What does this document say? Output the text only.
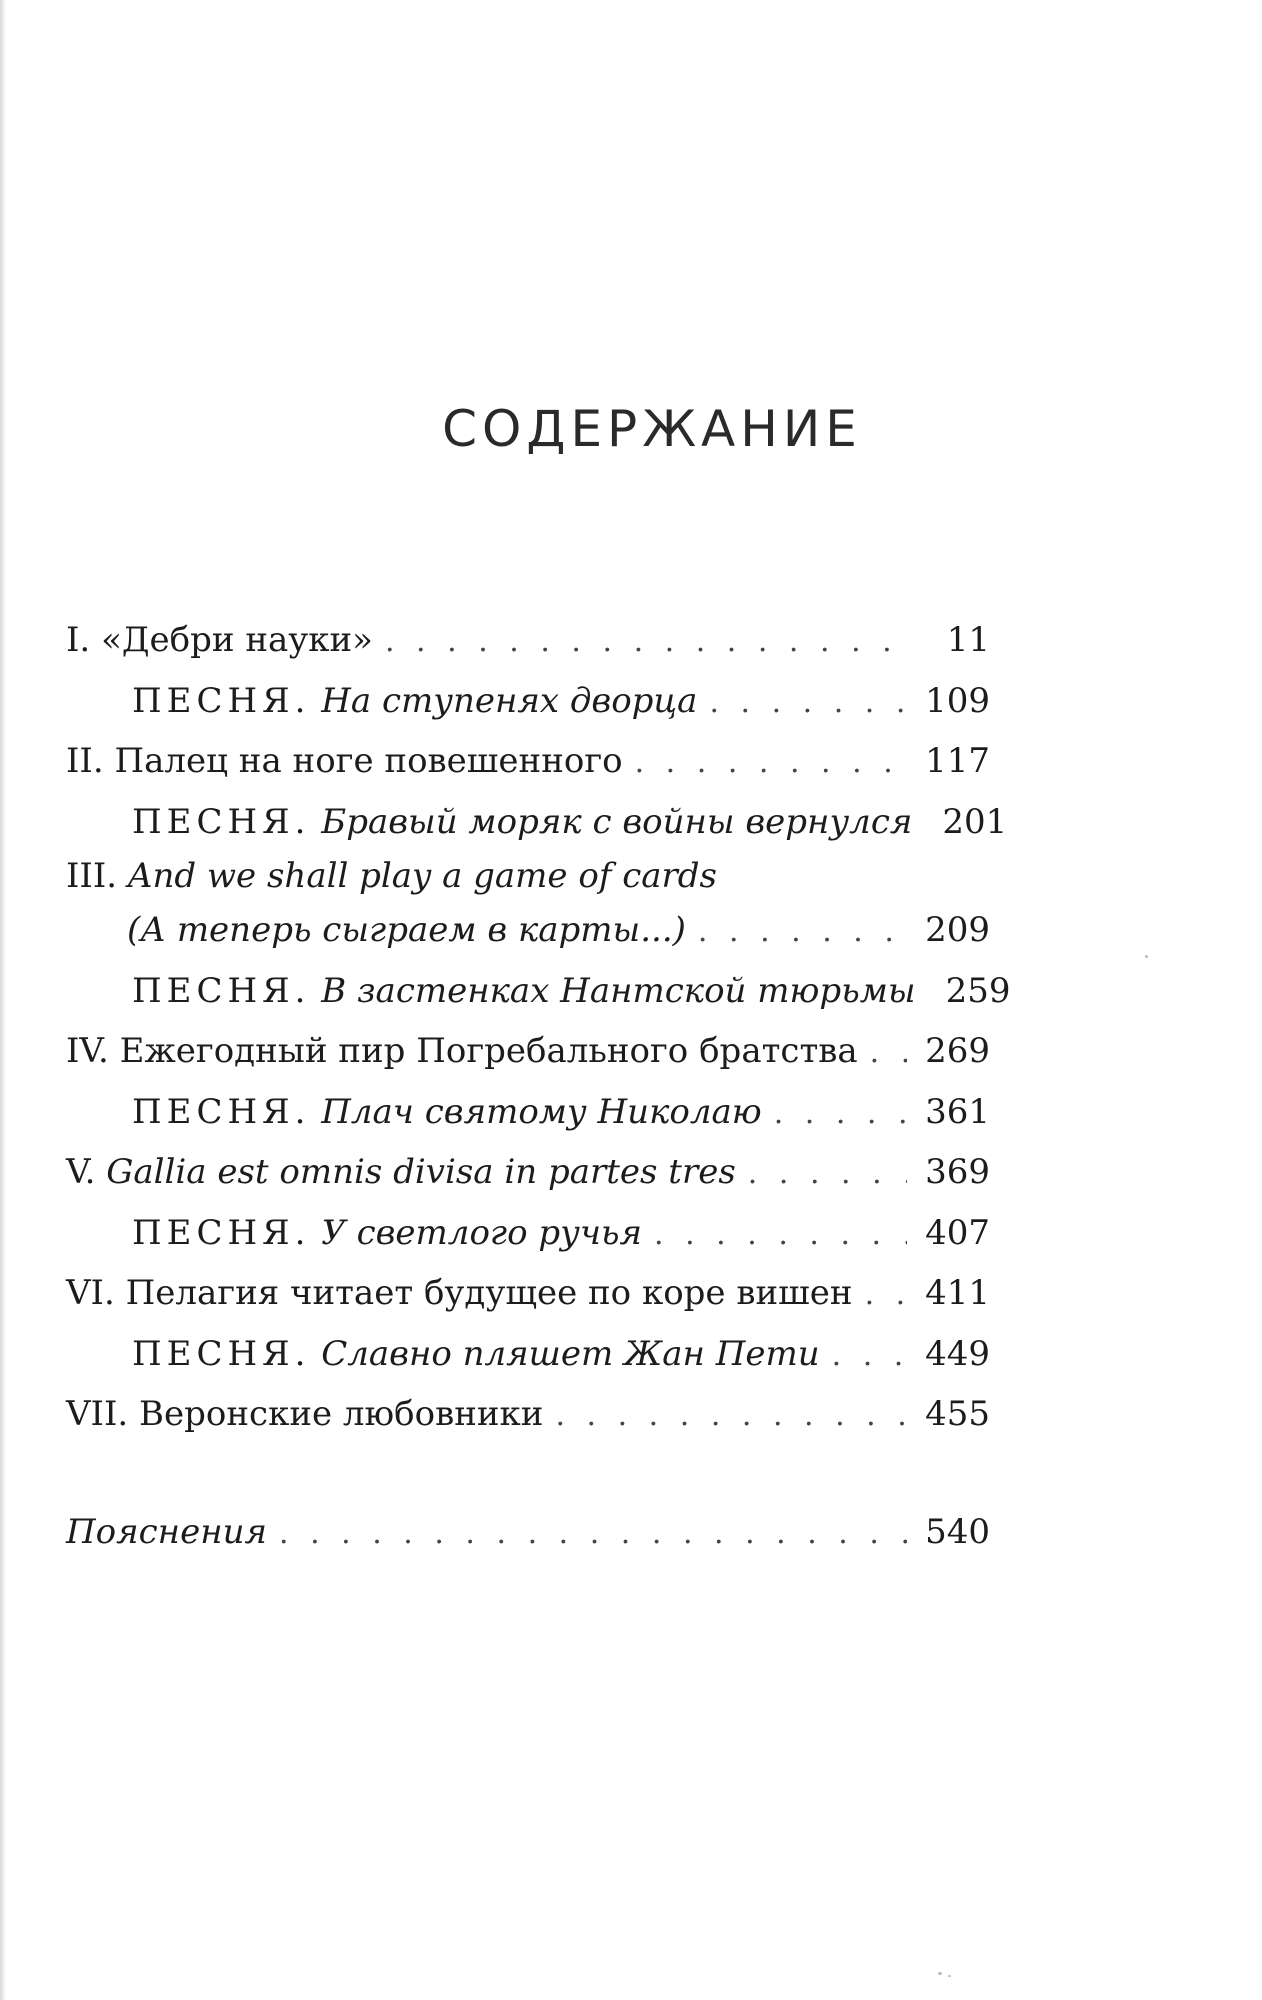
СОДЕРЖАНИЕ
I. «Дебри науки» . . .	11
ПЕСНЯ. На ступенях дворца . . .	109
II. Палец на ноге повешенного . . .	117
ПЕСНЯ. Бравый моряк с войны вернулся 201
III. And we shall play a game of cards
(А теперь сыграем в карты...) . . .	209
ПЕСНЯ. В застенках Нантской тюрьмы 259
IV. Ежегодный пир Погребального братства . . . 269
ПЕСНЯ. Плач святому Николаю . . .	361
V. Gallia est omnis divisa in partes tres . . .	369
ПЕСНЯ. У светлого ручья . . .	407
VI. Пелагия читает будущее по коре вишен . . . 411
ПЕСНЯ. Славно пляшет Жан Пети . . .	449
VII. Веронские любовники . . .	455
Пояснения . . .	540
